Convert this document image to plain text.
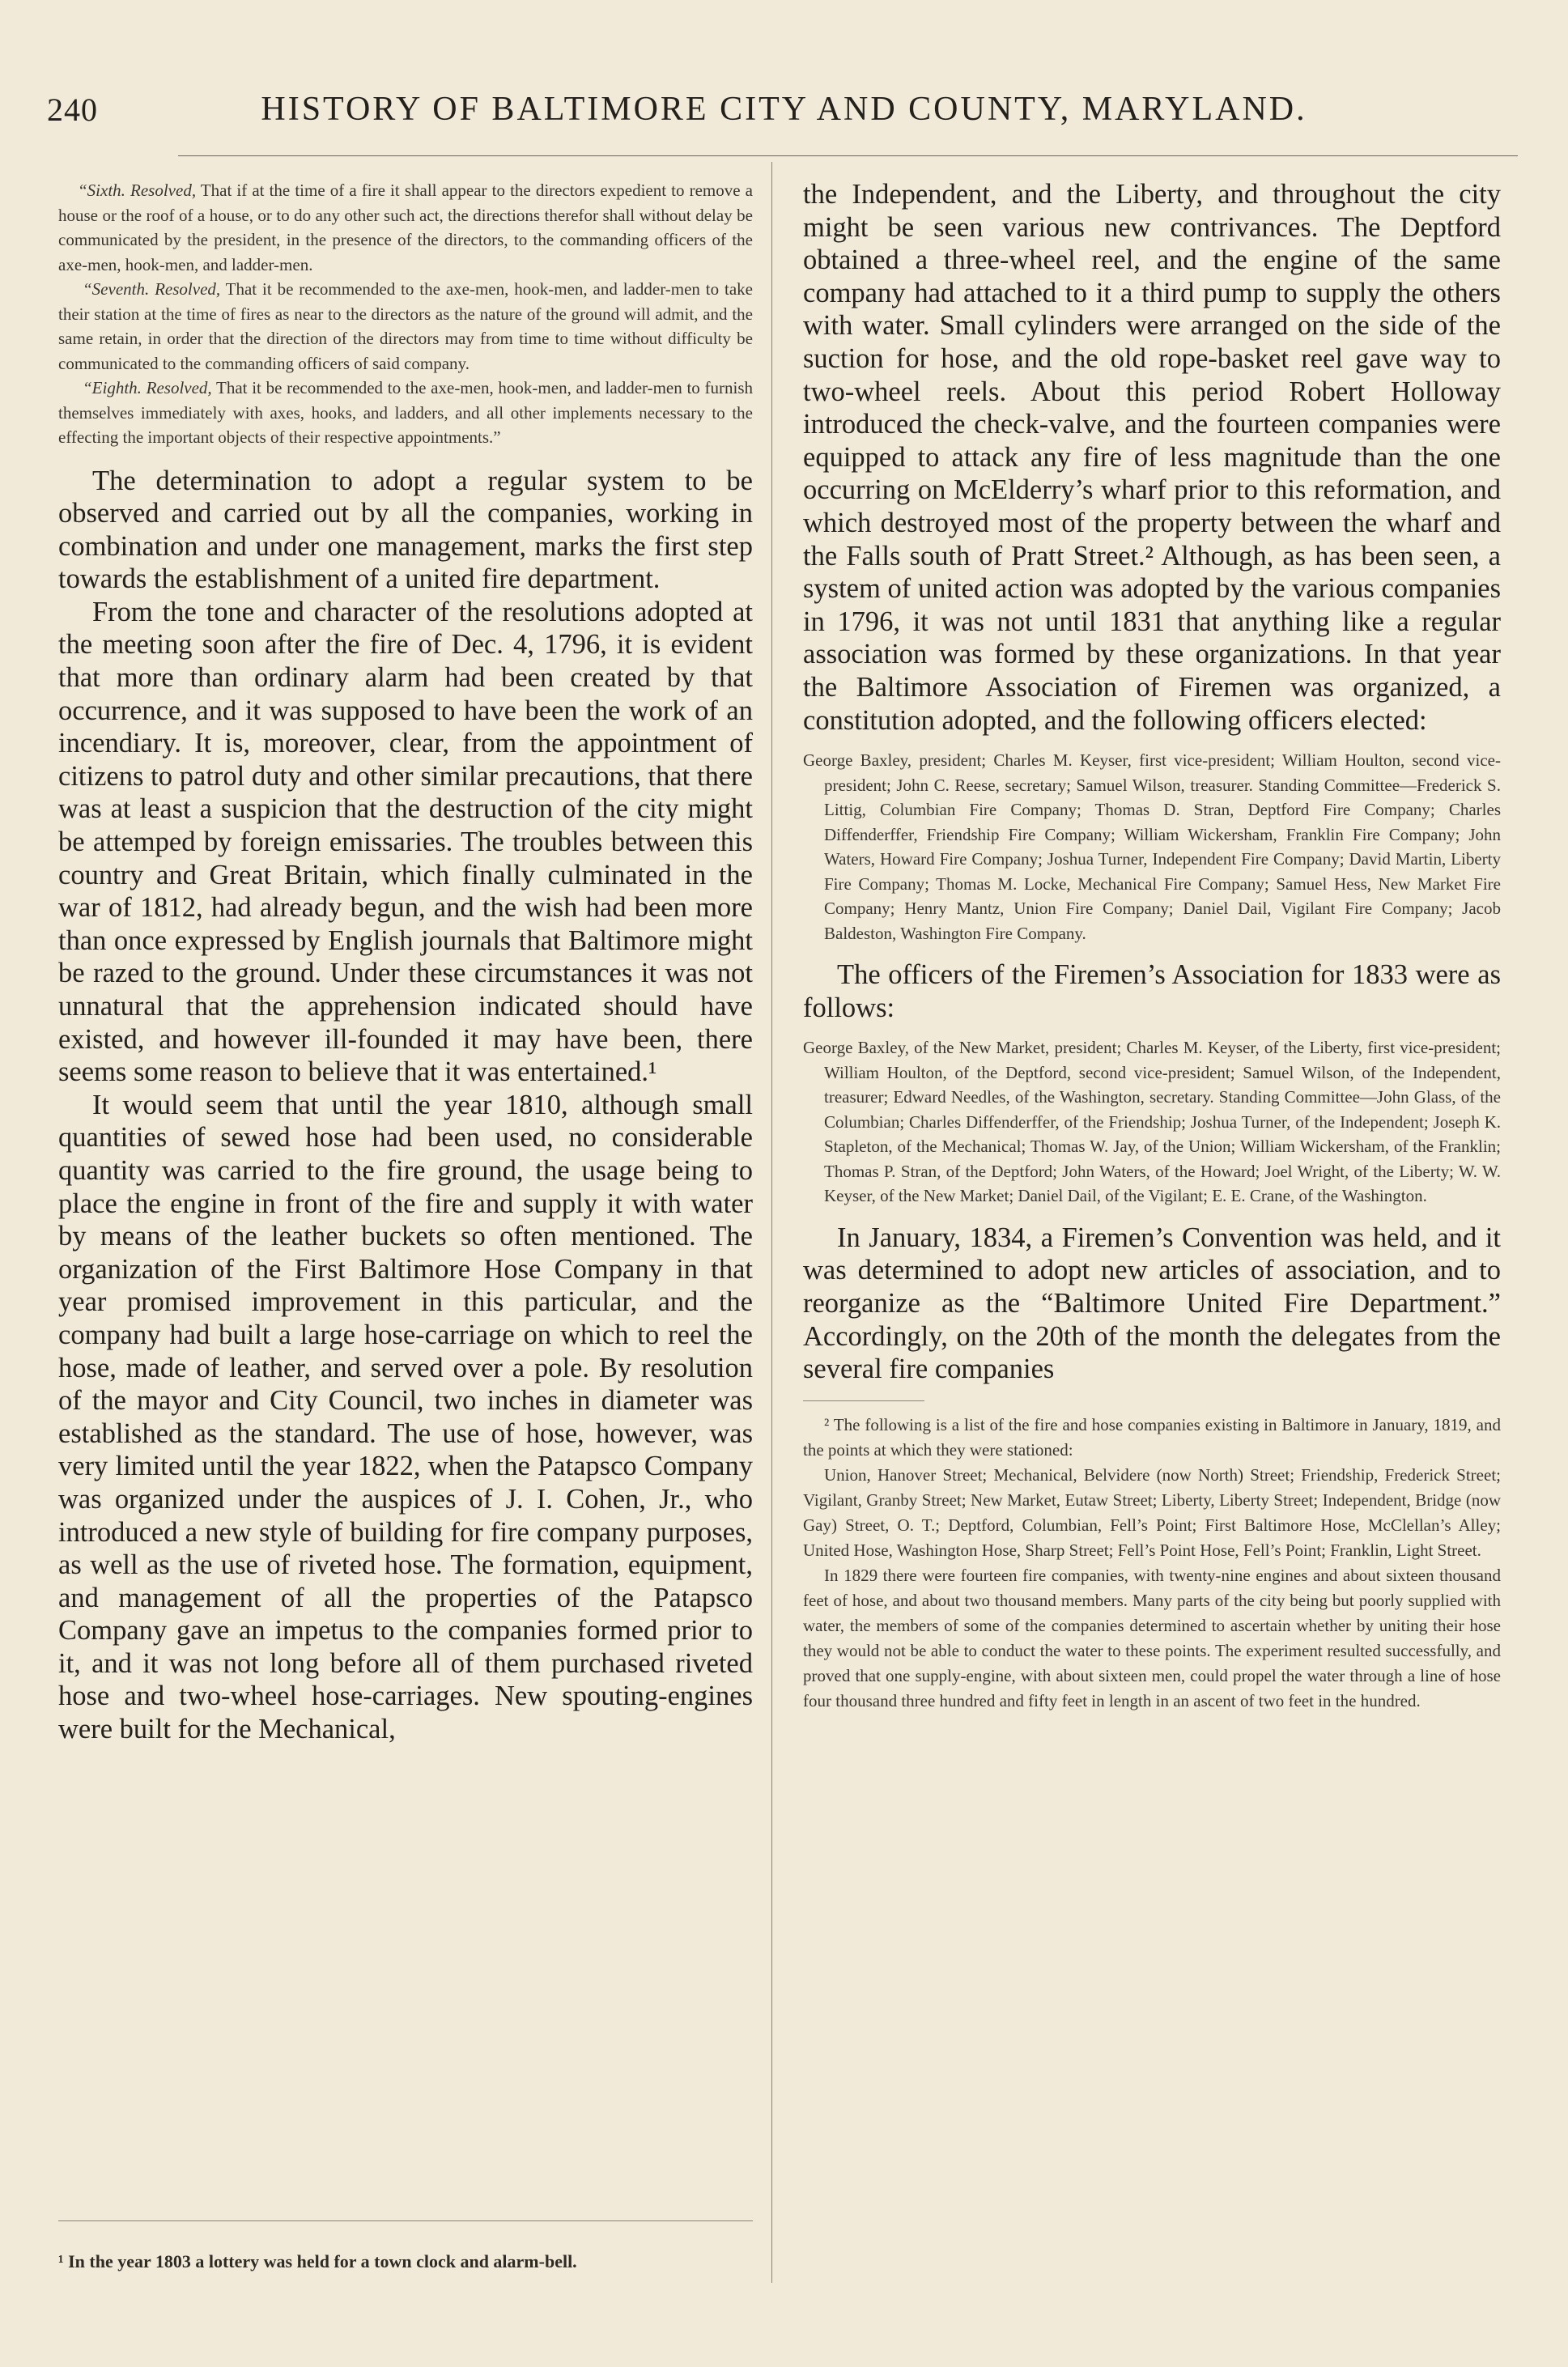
240	HISTORY OF BALTIMORE CITY AND COUNTY, MARYLAND.

“Sixth. Resolved, That if at the time of a fire it shall appear to the directors expedient to remove a house or the roof of a house, or to do any other such act, the directions therefor shall without delay be communicated by the president, in the presence of the directors, to the commanding officers of the axe-men, hook-men, and ladder-men.

“Seventh. Resolved, That it be recommended to the axe-men, hook-men, and ladder-men to take their station at the time of fires as near to the directors as the nature of the ground will admit, and the same retain, in order that the direction of the directors may from time to time without difficulty be communicated to the commanding officers of said company.

“Eighth. Resolved, That it be recommended to the axe-men, hook-men, and ladder-men to furnish themselves immediately with axes, hooks, and ladders, and all other implements necessary to the effecting the important objects of their respective appointments.”

The determination to adopt a regular system to be observed and carried out by all the companies, working in combination and under one management, marks the first step towards the establishment of a united fire department.

From the tone and character of the resolutions adopted at the meeting soon after the fire of Dec. 4, 1796, it is evident that more than ordinary alarm had been created by that occurrence, and it was supposed to have been the work of an incendiary. It is, moreover, clear, from the appointment of citizens to patrol duty and other similar precautions, that there was at least a suspicion that the destruction of the city might be attemped by foreign emissaries. The troubles between this country and Great Britain, which finally culminated in the war of 1812, had already begun, and the wish had been more than once expressed by English journals that Baltimore might be razed to the ground. Under these circumstances it was not unnatural that the apprehension indicated should have existed, and however ill-founded it may have been, there seems some reason to believe that it was entertained.¹

It would seem that until the year 1810, although small quantities of sewed hose had been used, no considerable quantity was carried to the fire ground, the usage being to place the engine in front of the fire and supply it with water by means of the leather buckets so often mentioned. The organization of the First Baltimore Hose Company in that year promised improvement in this particular, and the company had built a large hose-carriage on which to reel the hose, made of leather, and served over a pole. By resolution of the mayor and City Council, two inches in diameter was established as the standard. The use of hose, however, was very limited until the year 1822, when the Patapsco Company was organized under the auspices of J. I. Cohen, Jr., who introduced a new style of building for fire company purposes, as well as the use of riveted hose. The formation, equipment, and management of all the properties of the Patapsco Company gave an impetus to the companies formed prior to it, and it was not long before all of them purchased riveted hose and two-wheel hose-carriages. New spouting-engines were built for the Mechanical,

¹ In the year 1803 a lottery was held for a town clock and alarm-bell.

the Independent, and the Liberty, and throughout the city might be seen various new contrivances. The Deptford obtained a three-wheel reel, and the engine of the same company had attached to it a third pump to supply the others with water. Small cylinders were arranged on the side of the suction for hose, and the old rope-basket reel gave way to two-wheel reels. About this period Robert Holloway introduced the check-valve, and the fourteen companies were equipped to attack any fire of less magnitude than the one occurring on McElderry’s wharf prior to this reformation, and which destroyed most of the property between the wharf and the Falls south of Pratt Street.² Although, as has been seen, a system of united action was adopted by the various companies in 1796, it was not until 1831 that anything like a regular association was formed by these organizations. In that year the Baltimore Association of Firemen was organized, a constitution adopted, and the following officers elected:

George Baxley, president; Charles M. Keyser, first vice-president; William Houlton, second vice-president; John C. Reese, secretary; Samuel Wilson, treasurer. Standing Committee—Frederick S. Littig, Columbian Fire Company; Thomas D. Stran, Deptford Fire Company; Charles Diffenderffer, Friendship Fire Company; William Wickersham, Franklin Fire Company; John Waters, Howard Fire Company; Joshua Turner, Independent Fire Company; David Martin, Liberty Fire Company; Thomas M. Locke, Mechanical Fire Company; Samuel Hess, New Market Fire Company; Henry Mantz, Union Fire Company; Daniel Dail, Vigilant Fire Company; Jacob Baldeston, Washington Fire Company.

The officers of the Firemen’s Association for 1833 were as follows:

George Baxley, of the New Market, president; Charles M. Keyser, of the Liberty, first vice-president; William Houlton, of the Deptford, second vice-president; Samuel Wilson, of the Independent, treasurer; Edward Needles, of the Washington, secretary. Standing Committee—John Glass, of the Columbian; Charles Diffenderffer, of the Friendship; Joshua Turner, of the Independent; Joseph K. Stapleton, of the Mechanical; Thomas W. Jay, of the Union; William Wickersham, of the Franklin; Thomas P. Stran, of the Deptford; John Waters, of the Howard; Joel Wright, of the Liberty; W. W. Keyser, of the New Market; Daniel Dail, of the Vigilant; E. E. Crane, of the Washington.

In January, 1834, a Firemen’s Convention was held, and it was determined to adopt new articles of association, and to reorganize as the “Baltimore United Fire Department.” Accordingly, on the 20th of the month the delegates from the several fire companies

² The following is a list of the fire and hose companies existing in Baltimore in January, 1819, and the points at which they were stationed:

Union, Hanover Street; Mechanical, Belvidere (now North) Street; Friendship, Frederick Street; Vigilant, Granby Street; New Market, Eutaw Street; Liberty, Liberty Street; Independent, Bridge (now Gay) Street, O. T.; Deptford, Columbian, Fell’s Point; First Baltimore Hose, McClellan’s Alley; United Hose, Washington Hose, Sharp Street; Fell’s Point Hose, Fell’s Point; Franklin, Light Street.

In 1829 there were fourteen fire companies, with twenty-nine engines and about sixteen thousand feet of hose, and about two thousand members. Many parts of the city being but poorly supplied with water, the members of some of the companies determined to ascertain whether by uniting their hose they would not be able to conduct the water to these points. The experiment resulted successfully, and proved that one supply-engine, with about sixteen men, could propel the water through a line of hose four thousand three hundred and fifty feet in length in an ascent of two feet in the hundred.
